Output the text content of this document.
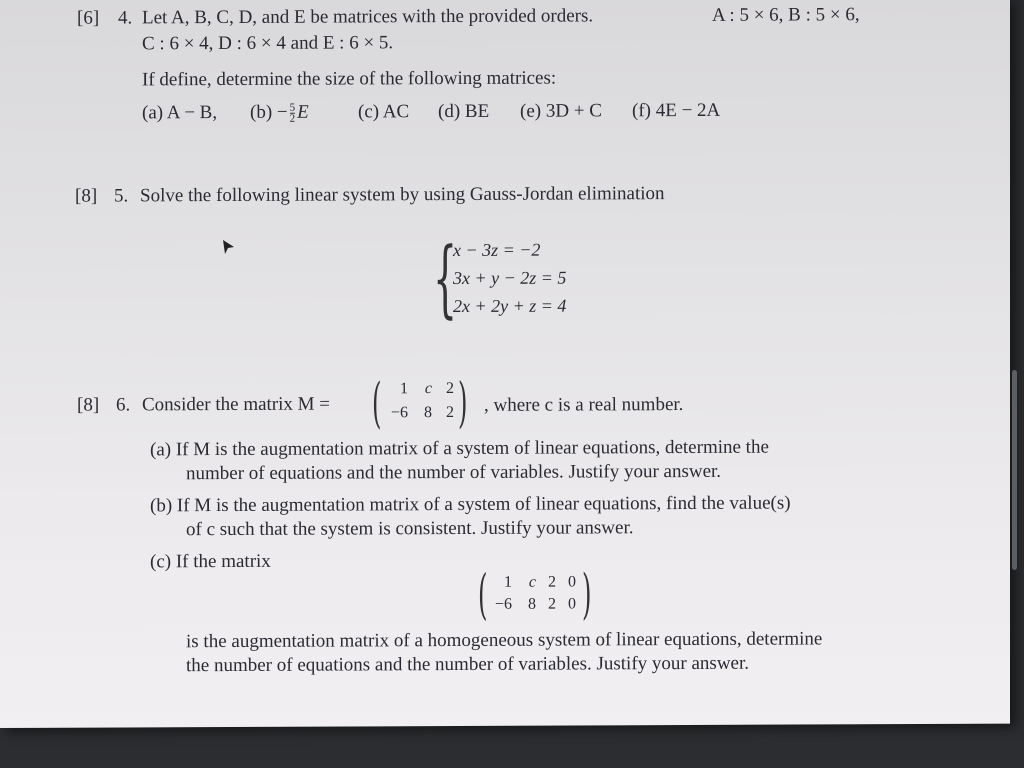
[6] 4. Let A, B, C, D, and E be matrices with the provided orders.	A : 5 × 6, B : 5 × 6,
C : 6 × 4, D : 6 × 4 and E : 6 × 5.
If define, determine the size of the following matrices:
(a) A − B, $(b) - \frac{5}{2}$ E	(c) AC (d) BE (e) 3D + C (f) 4E − 2A
[8] 5. Solve the following linear system by using Gauss-Jordan elimination
{
x − 3z = −2
3x + y − 2z = 5
2x + 2y + z = 4
[8] 6. Consider the matrix M = (	1	c 2
−6	8 2 ) , where c is a real number.
(a) If M is the augmentation matrix of a system of linear equations, determine the
number of equations and the number of variables. Justify your answer.
(b) If M is the augmentation matrix of a system of linear equations, find the value(s)
of c such that the system is consistent. Justify your answer.
(c) If the matrix
(	1	c 2 0
−6	8 2 0 )
is the augmentation matrix of a homogeneous system of linear equations, determine
the number of equations and the number of variables. Justify your answer.
